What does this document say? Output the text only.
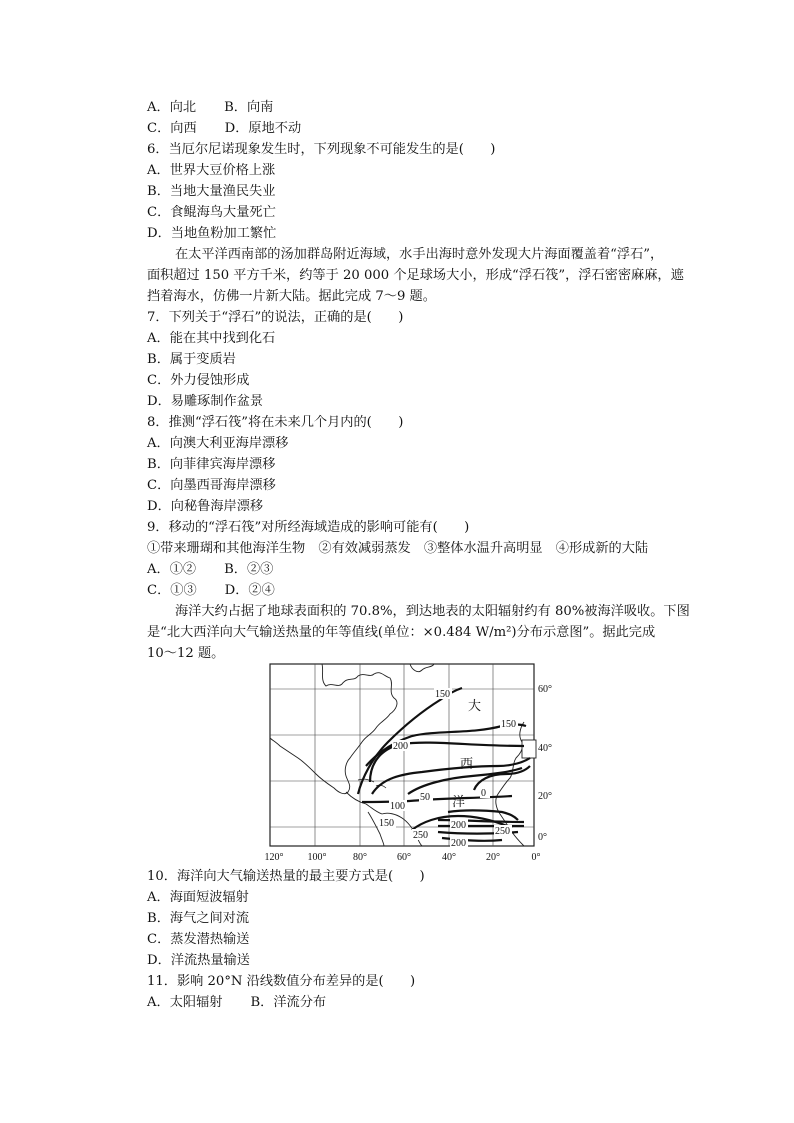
A．向北 B．向南
C．向西 D．原地不动
6．当厄尔尼诺现象发生时，下列现象不可能发生的是(　　)
A．世界大豆价格上涨
B．当地大量渔民失业
C．食鲲海鸟大量死亡
D．当地鱼粉加工繁忙
在太平洋西南部的汤加群岛附近海域，水手出海时意外发现大片海面覆盖着“浮石”，
面积超过 150 平方千米，约等于 20 000 个足球场大小，形成“浮石筏”，浮石密密麻麻，遮
挡着海水，仿佛一片新大陆。据此完成 7～9 题。
7．下列关于“浮石”的说法，正确的是(　　)
A．能在其中找到化石
B．属于变质岩
C．外力侵蚀形成
D．易雕琢制作盆景
8．推测“浮石筏”将在未来几个月内的(　　)
A．向澳大利亚海岸漂移
B．向菲律宾海岸漂移
C．向墨西哥海岸漂移
D．向秘鲁海岸漂移
9．移动的“浮石筏”对所经海域造成的影响可能有(　　)
①带来珊瑚和其他海洋生物　②有效减弱蒸发　③整体水温升高明显　④形成新的大陆
A．①② B．②③
C．①③ D．②④
海洋大约占据了地球表面积的 70.8%，到达地表的太阳辐射约有 80%被海洋吸收。下图
是“北大西洋向大气输送热量的年等值线(单位：×0.484 W/m²)分布示意图”。据此完成
10～12 题。
150
150
200
0
50
100
150	200
250	250
200
大
西
洋
60°
40°
20°
0°
120° 100°	80°	60°	40°	20°	0°
10．海洋向大气输送热量的最主要方式是(　　)
A．海面短波辐射
B．海气之间对流
C．蒸发潜热输送
D．洋流热量输送
11．影响 20°N 沿线数值分布差异的是(　　)
A．太阳辐射 B．洋流分布
